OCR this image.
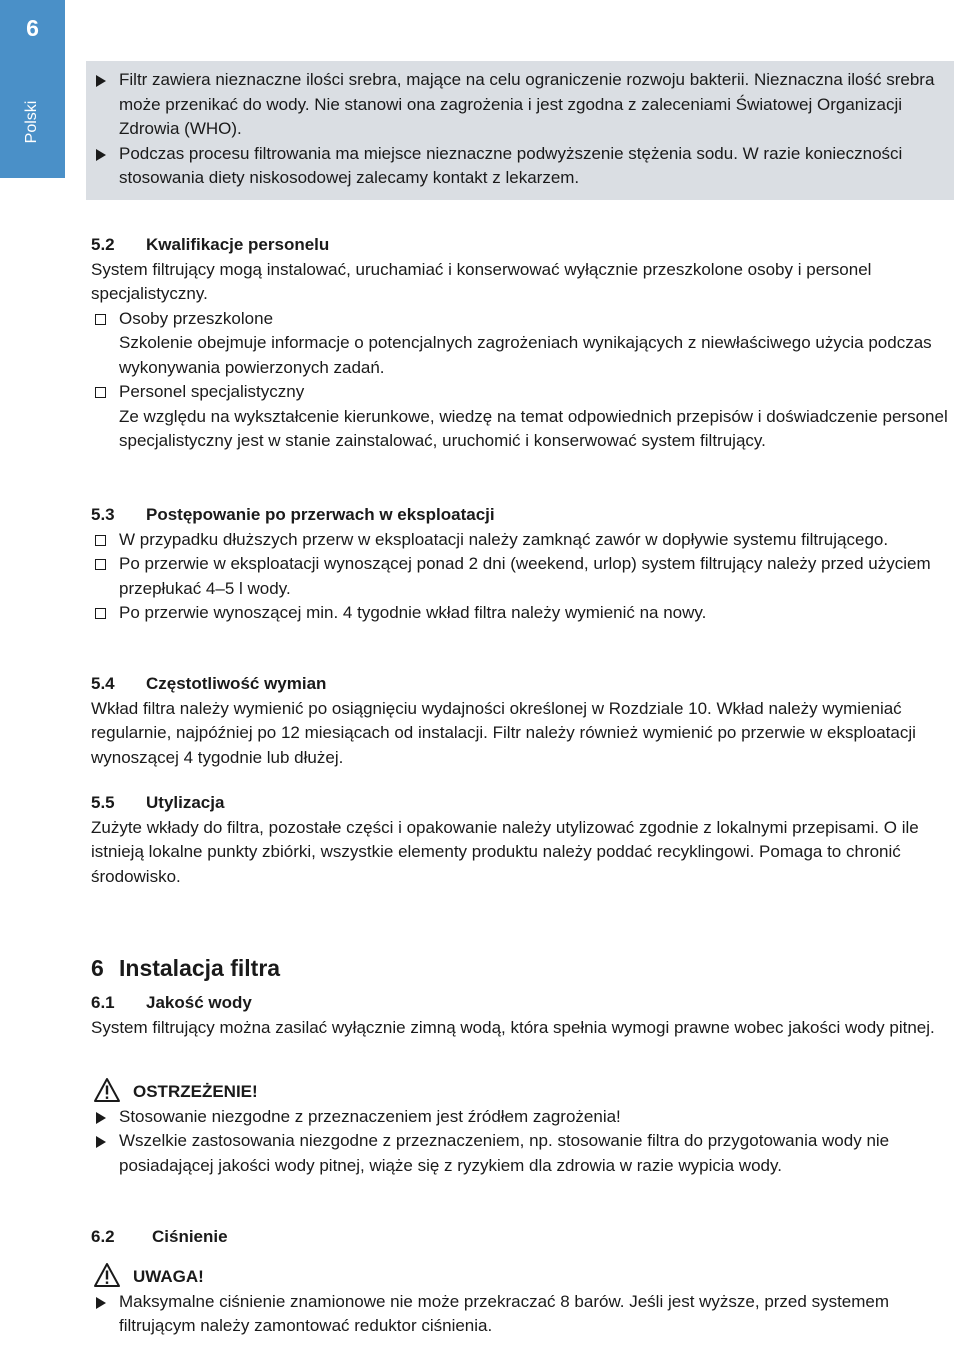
6
Polski
Filtr zawiera nieznaczne ilości srebra, mające na celu ograniczenie rozwoju bakterii. Nieznaczna ilość srebra może przenikać do wody. Nie stanowi ona zagrożenia i jest zgodna z zaleceniami Światowej Organizacji Zdrowia (WHO).
Podczas procesu filtrowania ma miejsce nieznaczne podwyższenie stężenia sodu. W razie konieczności stosowania diety niskosodowej zalecamy kontakt z lekarzem.
5.2 Kwalifikacje personelu
System filtrujący mogą instalować, uruchamiać i konserwować wyłącznie przeszkolone osoby i personel specjalistyczny.
Osoby przeszkolone
Szkolenie obejmuje informacje o potencjalnych zagrożeniach wynikających z niewłaściwego użycia podczas wykonywania powierzonych zadań.
Personel specjalistyczny
Ze względu na wykształcenie kierunkowe, wiedzę na temat odpowiednich przepisów i doświadczenie personel specjalistyczny jest w stanie zainstalować, uruchomić i konserwować system filtrujący.
5.3 Postępowanie po przerwach w eksploatacji
W przypadku dłuższych przerw w eksploatacji należy zamknąć zawór w dopływie systemu filtrującego.
Po przerwie w eksploatacji wynoszącej ponad 2 dni (weekend, urlop) system filtrujący należy przed użyciem przepłukać 4–5 l wody.
Po przerwie wynoszącej min. 4 tygodnie wkład filtra należy wymienić na nowy.
5.4 Częstotliwość wymian
Wkład filtra należy wymienić po osiągnięciu wydajności określonej w Rozdziale 10. Wkład należy wymieniać regularnie, najpóźniej po 12 miesiącach od instalacji. Filtr należy również wymienić po przerwie w eksploatacji wynoszącej 4 tygodnie lub dłużej.
5.5 Utylizacja
Zużyte wkłady do filtra, pozostałe części i opakowanie należy utylizować zgodnie z lokalnymi przepisami. O ile istnieją lokalne punkty zbiórki, wszystkie elementy produktu należy poddać recyklingowi. Pomaga to chronić środowisko.
6 Instalacja filtra
6.1 Jakość wody
System filtrujący można zasilać wyłącznie zimną wodą, która spełnia wymogi prawne wobec jakości wody pitnej.
OSTRZEŻENIE!
Stosowanie niezgodne z przeznaczeniem jest źródłem zagrożenia!
Wszelkie zastosowania niezgodne z przeznaczeniem, np. stosowanie filtra do przygotowania wody nie posiadającej jakości wody pitnej, wiąże się z ryzykiem dla zdrowia w razie wypicia wody.
6.2 Ciśnienie
UWAGA!
Maksymalne ciśnienie znamionowe nie może przekraczać 8 barów. Jeśli jest wyższe, przed systemem filtrującym należy zamontować reduktor ciśnienia.
